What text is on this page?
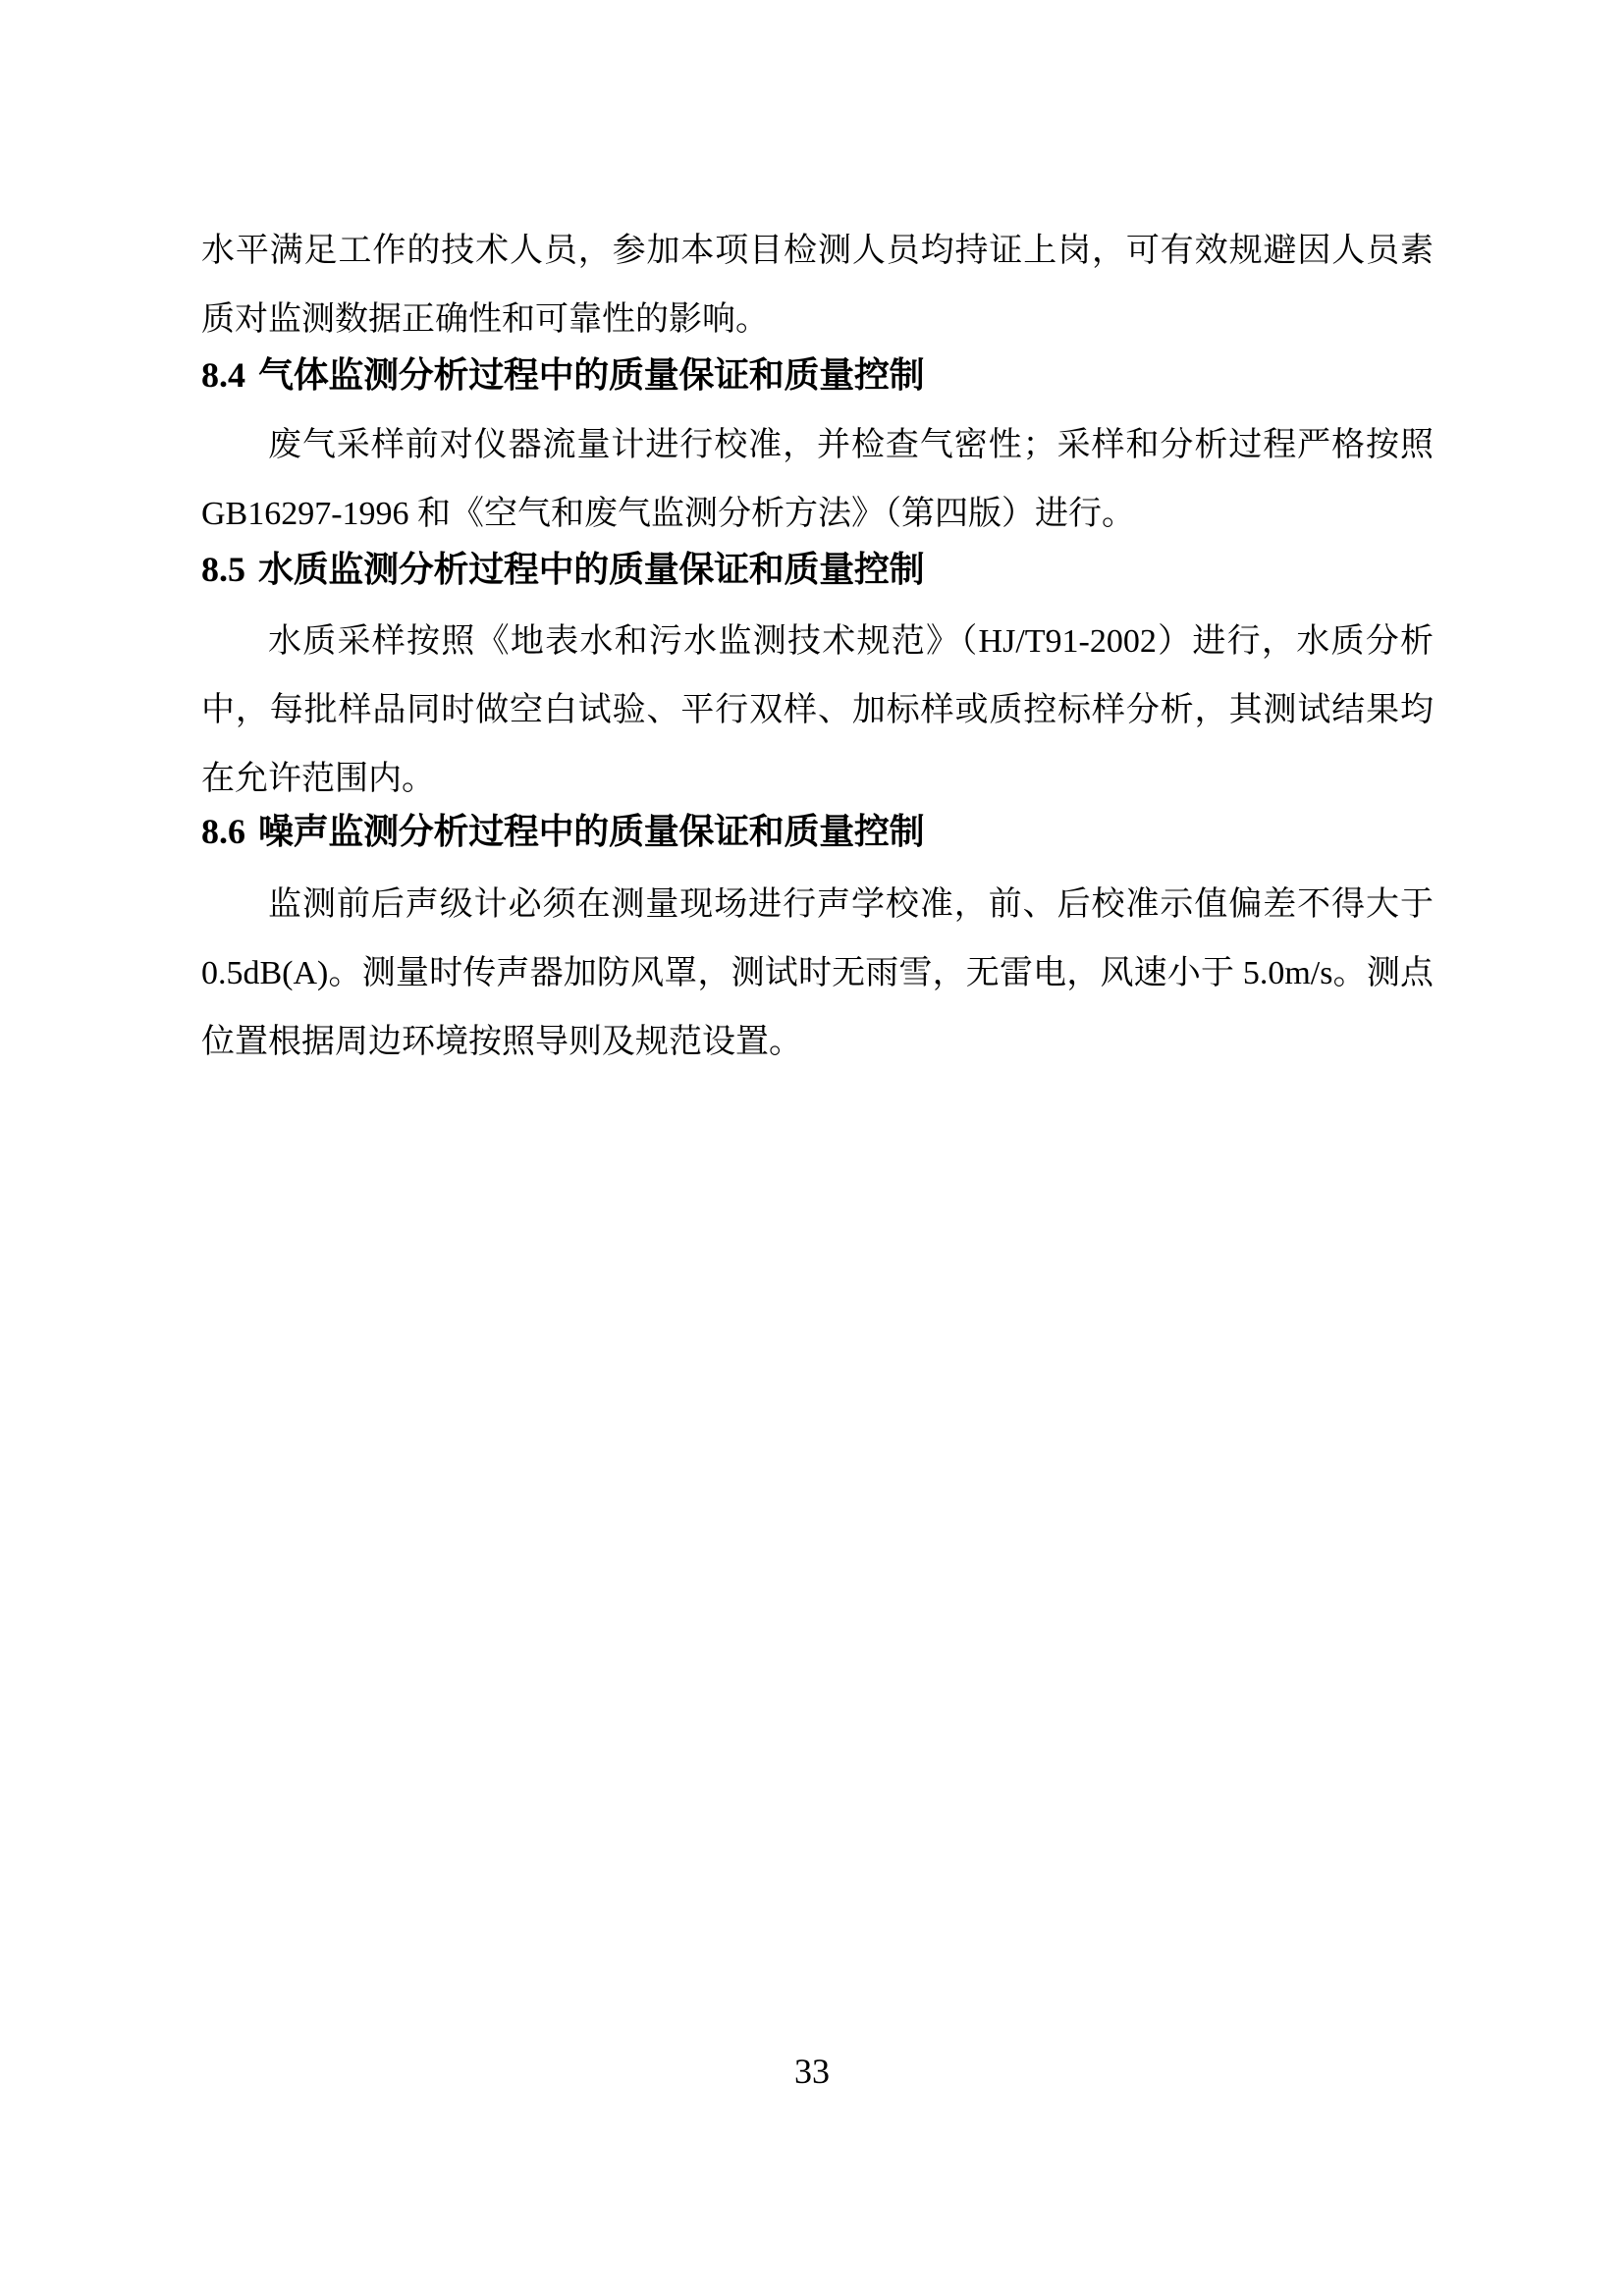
水平满足工作的技术人员，参加本项目检测人员均持证上岗，可有效规避因人员素质对监测数据正确性和可靠性的影响。

8.4 气体监测分析过程中的质量保证和质量控制

废气采样前对仪器流量计进行校准，并检查气密性；采样和分析过程严格按照 GB16297-1996 和《空气和废气监测分析方法》（第四版）进行。

8.5 水质监测分析过程中的质量保证和质量控制

水质采样按照《地表水和污水监测技术规范》（HJ/T91-2002）进行，水质分析中，每批样品同时做空白试验、平行双样、加标样或质控标样分析，其测试结果均在允许范围内。

8.6 噪声监测分析过程中的质量保证和质量控制

监测前后声级计必须在测量现场进行声学校准，前、后校准示值偏差不得大于 0.5dB(A)。测量时传声器加防风罩，测试时无雨雪，无雷电，风速小于 5.0m/s。测点位置根据周边环境按照导则及规范设置。

33
